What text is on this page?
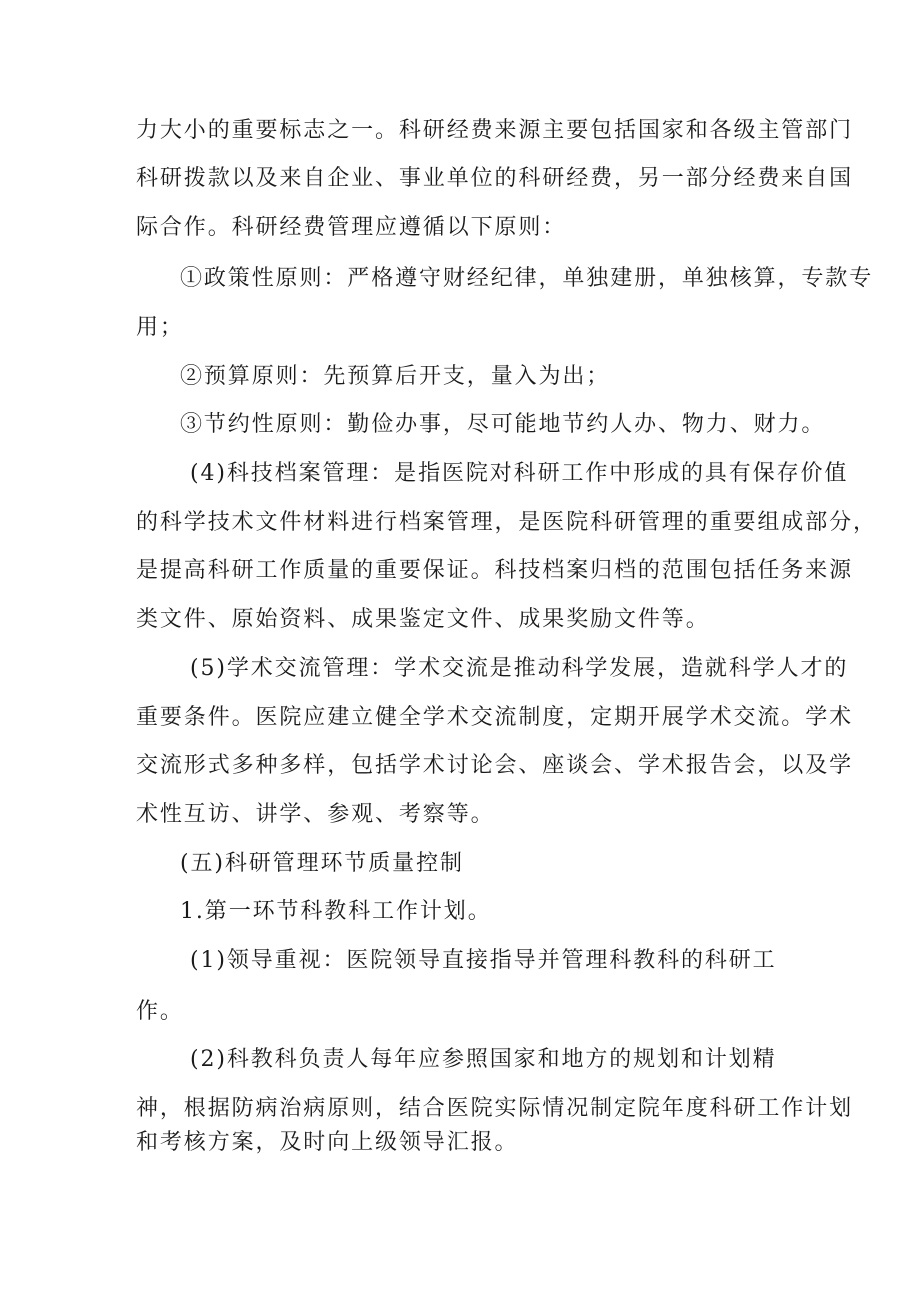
力大小的重要标志之一。科研经费来源主要包括国家和各级主管部门
科研拨款以及来自企业、事业单位的科研经费，另一部分经费来自国
际合作。科研经费管理应遵循以下原则：
①政策性原则：严格遵守财经纪律，单独建册，单独核算，专款专
用；
②预算原则：先预算后开支，量入为出；
③节约性原则：勤俭办事，尽可能地节约人办、物力、财力。
(4)科技档案管理：是指医院对科研工作中形成的具有保存价值
的科学技术文件材料进行档案管理，是医院科研管理的重要组成部分，
是提高科研工作质量的重要保证。科技档案归档的范围包括任务来源
类文件、原始资料、成果鉴定文件、成果奖励文件等。
(5)学术交流管理：学术交流是推动科学发展，造就科学人才的
重要条件。医院应建立健全学术交流制度，定期开展学术交流。学术
交流形式多种多样，包括学术讨论会、座谈会、学术报告会，以及学
术性互访、讲学、参观、考察等。
(五)科研管理环节质量控制
1.第一环节科教科工作计划。
(1)领导重视：医院领导直接指导并管理科教科的科研工
作。
(2)科教科负责人每年应参照国家和地方的规划和计划精
神，根据防病治病原则，结合医院实际情况制定院年度科研工作计划
和考核方案，及时向上级领导汇报。
